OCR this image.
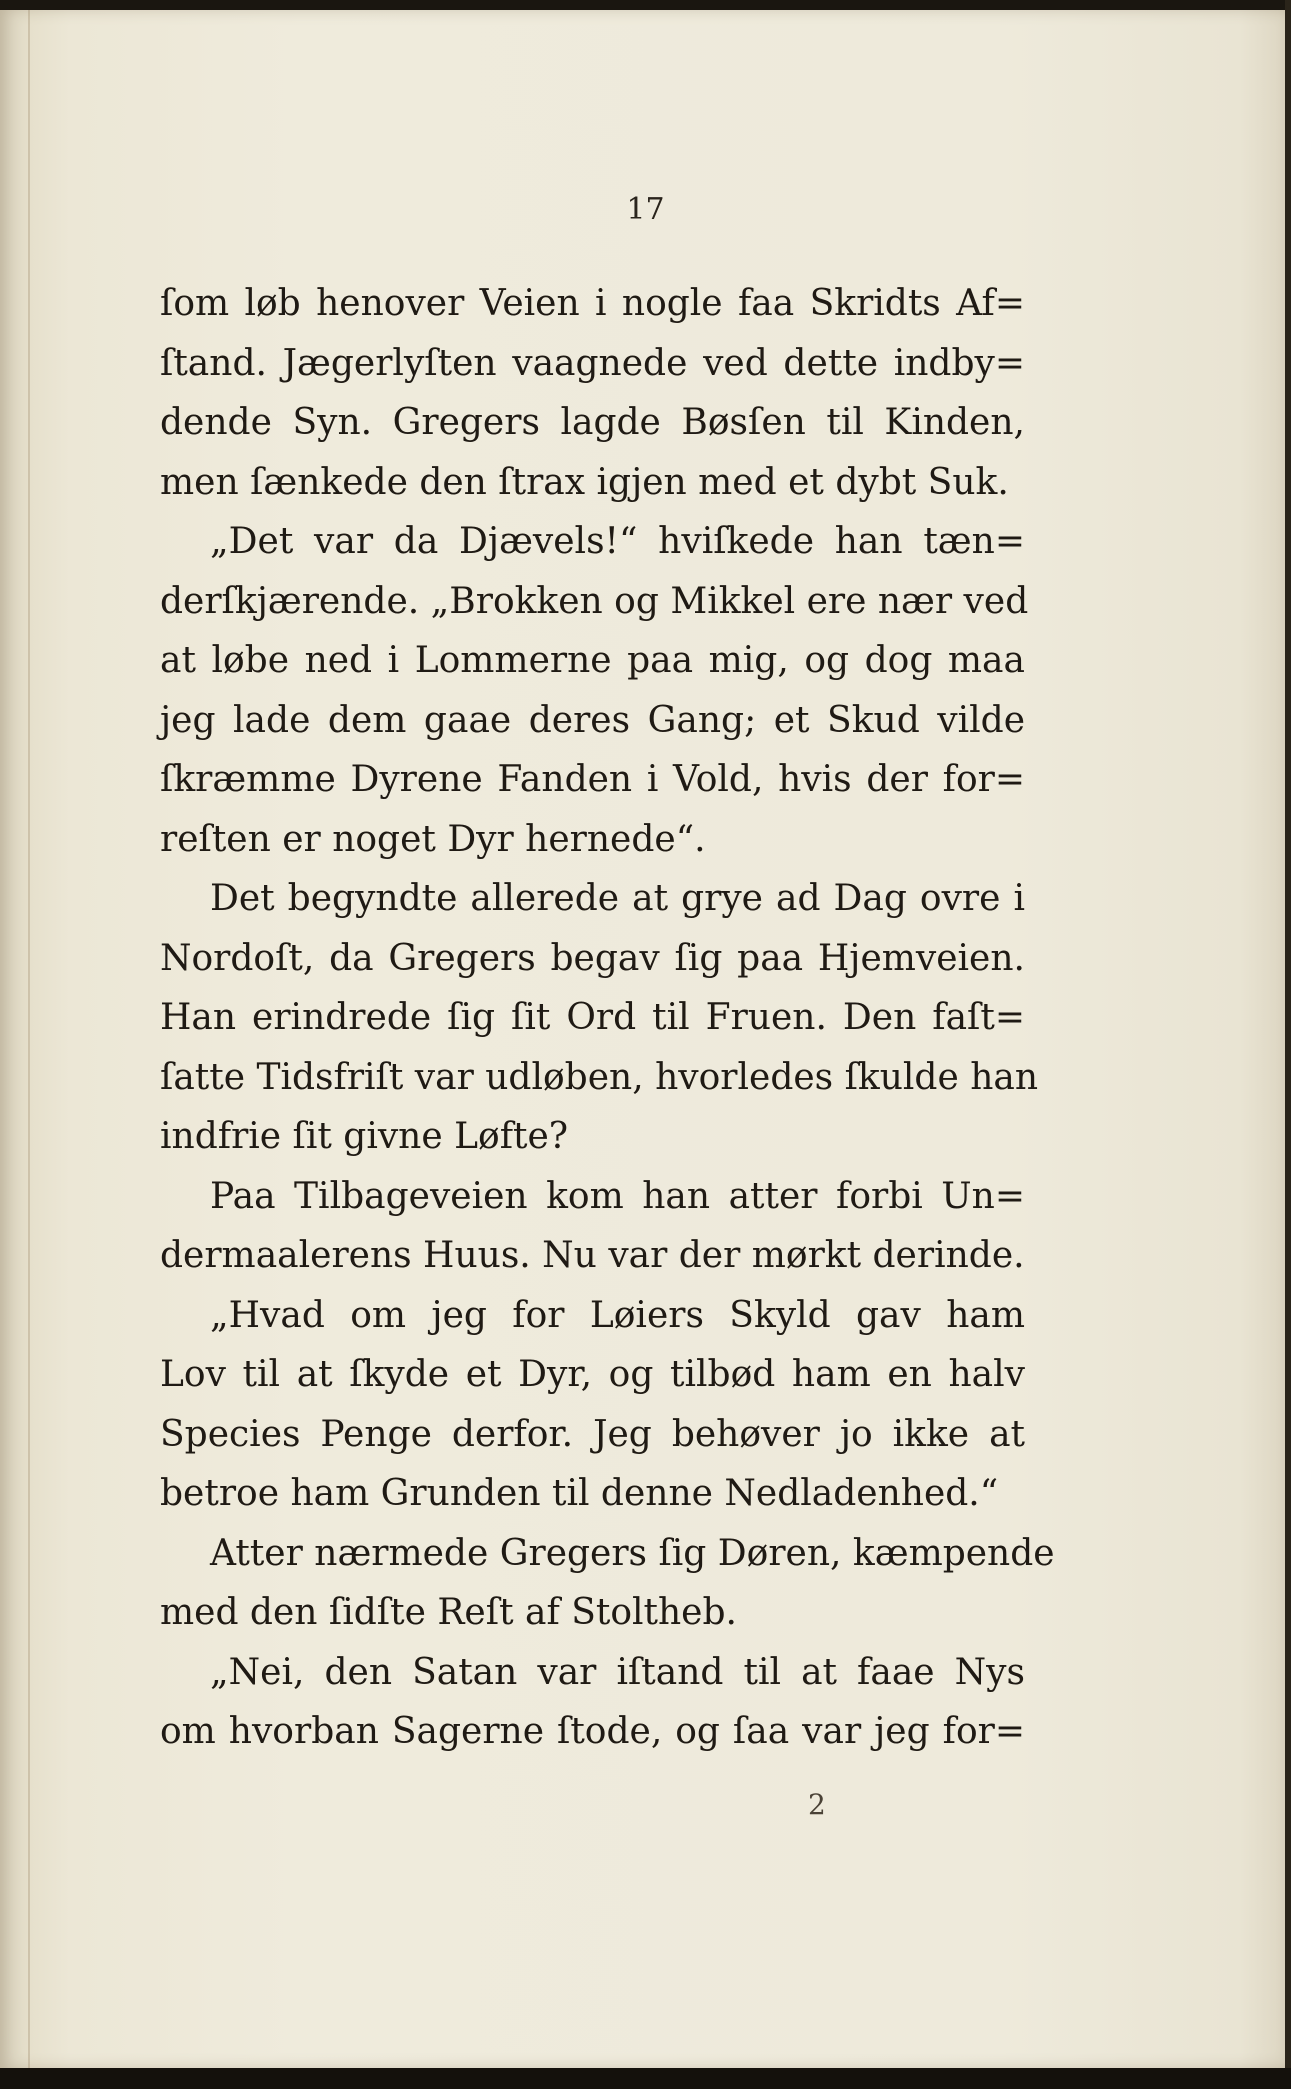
17
ſom løb henover Veien i nogle faa Skridts Af=
ſtand. Jægerlyſten vaagnede ved dette indby=
dende Syn. Gregers lagde Bøsſen til Kinden,
men ſænkede den ſtrax igjen med et dybt Suk.
„Det var da Djævels!“ hviſkede han tæn=
derſkjærende. „Brokken og Mikkel ere nær ved
at løbe ned i Lommerne paa mig, og dog maa
jeg lade dem gaae deres Gang; et Skud vilde
ſkræmme Dyrene Fanden i Vold, hvis der for=
reſten er noget Dyr hernede“.
Det begyndte allerede at grye ad Dag ovre i
Nordoſt, da Gregers begav ſig paa Hjemveien.
Han erindrede ſig ſit Ord til Fruen. Den faſt=
ſatte Tidsfriſt var udløben, hvorledes ſkulde han
indfrie ſit givne Løfte?
Paa Tilbageveien kom han atter forbi Un=
dermaalerens Huus. Nu var der mørkt derinde.
„Hvad om jeg for Løiers Skyld gav ham
Lov til at ſkyde et Dyr, og tilbød ham en halv
Species Penge derfor. Jeg behøver jo ikke at
betroe ham Grunden til denne Nedladenhed.“
Atter nærmede Gregers ſig Døren, kæmpende
med den ſidſte Reſt af Stoltheb.
„Nei, den Satan var iſtand til at faae Nys
om hvorban Sagerne ſtode, og ſaa var jeg for=
2
